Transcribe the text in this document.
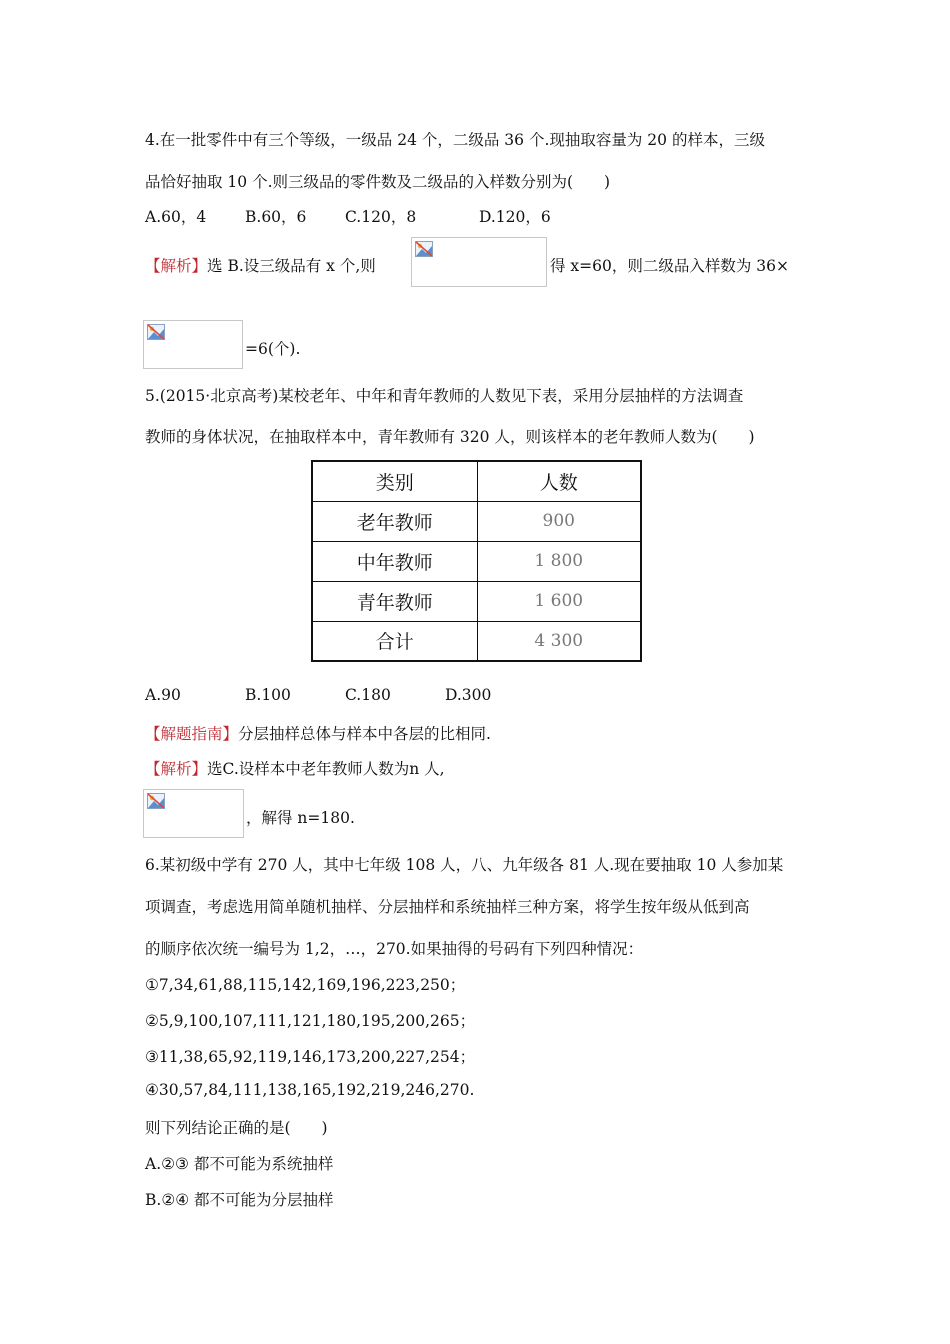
4.在一批零件中有三个等级，一级品 24 个，二级品 36 个.现抽取容量为 20 的样本，三级
品恰好抽取 10 个.则三级品的零件数及二级品的入样数分别为(　　)
A.60，4	B.60，6 C.120，8	D.120，6
【解析】选 B.设三级品有 x 个,则	得 x=60，则二级品入样数为 36×
=6(个).
5.(2015·北京高考)某校老年、中年和青年教师的人数见下表，采用分层抽样的方法调查
教师的身体状况，在抽取样本中，青年教师有 320 人，则该样本的老年教师人数为(　　)
类别	人数
老年教师	900
中年教师	1 800
青年教师	1 600
合计	4 300
A.90	B.100	C.180	D.300
【解题指南】分层抽样总体与样本中各层的比相同.
【解析】选C.设样本中老年教师人数为n 人,
，解得 n=180.
6.某初级中学有 270 人，其中七年级 108 人，八、九年级各 81 人.现在要抽取 10 人参加某
项调查，考虑选用简单随机抽样、分层抽样和系统抽样三种方案，将学生按年级从低到高
的顺序依次统一编号为 1,2，…，270.如果抽得的号码有下列四种情况：
①7,34,61,88,115,142,169,196,223,250；
②5,9,100,107,111,121,180,195,200,265；
③11,38,65,92,119,146,173,200,227,254；
④30,57,84,111,138,165,192,219,246,270.
则下列结论正确的是(　　)
A.②③ 都不可能为系统抽样
B.②④ 都不可能为分层抽样
